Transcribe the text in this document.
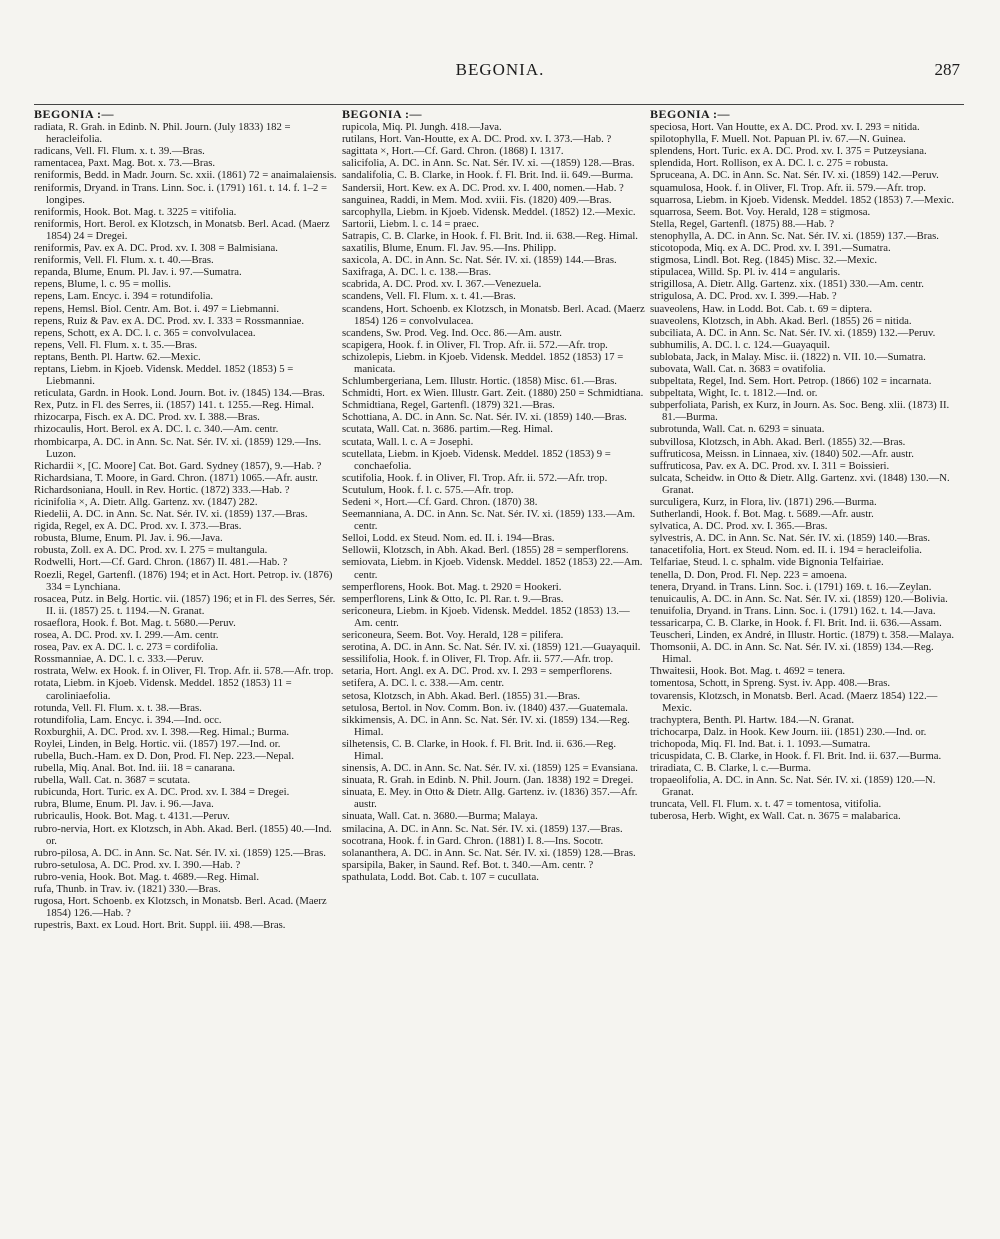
BEGONIA.	287
BEGONIA :—

radiata, R. Grah. in Edinb. N. Phil. Journ. (July 1833) 182 = heracleifolia.

radicans, Vell. Fl. Flum. x. t. 39.—Bras.

ramentacea, Paxt. Mag. Bot. x. 73.—Bras.

reniformis, Bedd. in Madr. Journ. Sc. xxii. (1861) 72 = anaimalaiensis.

reniformis, Dryand. in Trans. Linn. Soc. i. (1791) 161. t. 14. f. 1–2 = longipes.

reniformis, Hook. Bot. Mag. t. 3225 = vitifolia.

reniformis, Hort. Berol. ex Klotzsch, in Monatsb. Berl. Acad. (Maerz 1854) 24 = Dregei.

reniformis, Pav. ex A. DC. Prod. xv. I. 308 = Balmisiana.

reniformis, Vell. Fl. Flum. x. t. 40.—Bras.

repanda, Blume, Enum. Pl. Jav. i. 97.—Sumatra.

repens, Blume, l. c. 95 = mollis.

repens, Lam. Encyc. i. 394 = rotundifolia.

repens, Hemsl. Biol. Centr. Am. Bot. i. 497 = Liebmanni.

repens, Ruiz & Pav. ex A. DC. Prod. xv. I. 333 = Rossmanniae.

repens, Schott, ex A. DC. l. c. 365 = convolvulacea.

repens, Vell. Fl. Flum. x. t. 35.—Bras.

reptans, Benth. Pl. Hartw. 62.—Mexic.

reptans, Liebm. in Kjoeb. Vidensk. Meddel. 1852 (1853) 5 = Liebmanni.

reticulata, Gardn. in Hook. Lond. Journ. Bot. iv. (1845) 134.—Bras.

Rex, Putz. in Fl. des Serres, ii. (1857) 141. t. 1255.—Reg. Himal.

rhizocarpa, Fisch. ex A. DC. Prod. xv. I. 388.—Bras.

rhizocaulis, Hort. Berol. ex A. DC. l. c. 340.—Am. centr.

rhombicarpa, A. DC. in Ann. Sc. Nat. Sér. IV. xi. (1859) 129.—Ins. Luzon.

Richardii ×, [C. Moore] Cat. Bot. Gard. Sydney (1857), 9.—Hab. ?

Richardsiana, T. Moore, in Gard. Chron. (1871) 1065.—Afr. austr.

Richardsoniana, Houll. in Rev. Hortic. (1872) 333.—Hab. ?

ricinifolia ×, A. Dietr. Allg. Gartenz. xv. (1847) 282.

Riedelii, A. DC. in Ann. Sc. Nat. Sér. IV. xi. (1859) 137.—Bras.

rigida, Regel, ex A. DC. Prod. xv. I. 373.—Bras.

robusta, Blume, Enum. Pl. Jav. i. 96.—Java.

robusta, Zoll. ex A. DC. Prod. xv. I. 275 = multangula.

Rodwelli, Hort.—Cf. Gard. Chron. (1867) II. 481.—Hab. ?

Roezli, Regel, Gartenfl. (1876) 194; et in Act. Hort. Petrop. iv. (1876) 334 = Lynchiana.

rosacea, Putz. in Belg. Hortic. vii. (1857) 196; et in Fl. des Serres, Sér. II. ii. (1857) 25. t. 1194.—N. Granat.

rosaeflora, Hook. f. Bot. Mag. t. 5680.—Peruv.

rosea, A. DC. Prod. xv. I. 299.—Am. centr.

rosea, Pav. ex A. DC. l. c. 273 = cordifolia.

Rossmanniae, A. DC. l. c. 333.—Peruv.

rostrata, Welw. ex Hook. f. in Oliver, Fl. Trop. Afr. ii. 578.—Afr. trop.

rotata, Liebm. in Kjoeb. Vidensk. Meddel. 1852 (1853) 11 = caroliniaefolia.

rotunda, Vell. Fl. Flum. x. t. 38.—Bras.

rotundifolia, Lam. Encyc. i. 394.—Ind. occ.

Roxburghii, A. DC. Prod. xv. I. 398.—Reg. Himal.; Burma.

Roylei, Linden, in Belg. Hortic. vii. (1857) 197.—Ind. or.

rubella, Buch.-Ham. ex D. Don, Prod. Fl. Nep. 223.—Nepal.

rubella, Miq. Anal. Bot. Ind. iii. 18 = canarana.

rubella, Wall. Cat. n. 3687 = scutata.

rubicunda, Hort. Turic. ex A. DC. Prod. xv. I. 384 = Dregei.

rubra, Blume, Enum. Pl. Jav. i. 96.—Java.

rubricaulis, Hook. Bot. Mag. t. 4131.—Peruv.

rubro-nervia, Hort. ex Klotzsch, in Abh. Akad. Berl. (1855) 40.—Ind. or.

rubro-pilosa, A. DC. in Ann. Sc. Nat. Sér. IV. xi. (1859) 125.—Bras.

rubro-setulosa, A. DC. Prod. xv. I. 390.—Hab. ?

rubro-venia, Hook. Bot. Mag. t. 4689.—Reg. Himal.

rufa, Thunb. in Trav. iv. (1821) 330.—Bras.

rugosa, Hort. Schoenb. ex Klotzsch, in Monatsb. Berl. Acad. (Maerz 1854) 126.—Hab. ?

rupestris, Baxt. ex Loud. Hort. Brit. Suppl. iii. 498.—Bras.

BEGONIA :—

rupicola, Miq. Pl. Jungh. 418.—Java.

rutilans, Hort. Van-Houtte, ex A. DC. Prod. xv. I. 373.—Hab. ?

sagittata ×, Hort.—Cf. Gard. Chron. (1868) I. 1317.

salicifolia, A. DC. in Ann. Sc. Nat. Sér. IV. xi. —(1859) 128.—Bras.

sandalifolia, C. B. Clarke, in Hook. f. Fl. Brit. Ind. ii. 649.—Burma.

Sandersii, Hort. Kew. ex A. DC. Prod. xv. I. 400, nomen.—Hab. ?

sanguinea, Raddi, in Mem. Mod. xviii. Fis. (1820) 409.—Bras.

sarcophylla, Liebm. in Kjoeb. Vidensk. Meddel. (1852) 12.—Mexic.

Sartorii, Liebm. l. c. 14 = praec.

Satrapis, C. B. Clarke, in Hook. f. Fl. Brit. Ind. ii. 638.—Reg. Himal.

saxatilis, Blume, Enum. Fl. Jav. 95.—Ins. Philipp.

saxicola, A. DC. in Ann. Sc. Nat. Sér. IV. xi. (1859) 144.—Bras.

Saxifraga, A. DC. l. c. 138.—Bras.

scabrida, A. DC. Prod. xv. I. 367.—Venezuela.

scandens, Vell. Fl. Flum. x. t. 41.—Bras.

scandens, Hort. Schoenb. ex Klotzsch, in Monatsb. Berl. Acad. (Maerz 1854) 126 = convolvulacea.

scandens, Sw. Prod. Veg. Ind. Occ. 86.—Am. austr.

scapigera, Hook. f. in Oliver, Fl. Trop. Afr. ii. 572.—Afr. trop.

schizolepis, Liebm. in Kjoeb. Vidensk. Meddel. 1852 (1853) 17 = manicata.

Schlumbergeriana, Lem. Illustr. Hortic. (1858) Misc. 61.—Bras.

Schmidti, Hort. ex Wien. Illustr. Gart. Zeit. (1880) 250 = Schmidtiana.

Schmidtiana, Regel, Gartenfl. (1879) 321.—Bras.

Schottiana, A. DC. in Ann. Sc. Nat. Sér. IV. xi. (1859) 140.—Bras.

scutata, Wall. Cat. n. 3686. partim.—Reg. Himal.

scutata, Wall. l. c. A = Josephi.

scutellata, Liebm. in Kjoeb. Vidensk. Meddel. 1852 (1853) 9 = conchaefolia.

scutifolia, Hook. f. in Oliver, Fl. Trop. Afr. ii. 572.—Afr. trop.

Scutulum, Hook. f. l. c. 575.—Afr. trop.

Sedeni ×, Hort.—Cf. Gard. Chron. (1870) 38.

Seemanniana, A. DC. in Ann. Sc. Nat. Sér. IV. xi. (1859) 133.—Am. centr.

Selloi, Lodd. ex Steud. Nom. ed. II. i. 194—Bras.

Sellowii, Klotzsch, in Abh. Akad. Berl. (1855) 28 = semperflorens.

semiovata, Liebm. in Kjoeb. Vidensk. Meddel. 1852 (1853) 22.—Am. centr.

semperflorens, Hook. Bot. Mag. t. 2920 = Hookeri.

semperflorens, Link & Otto, Ic. Pl. Rar. t. 9.—Bras.

sericoneura, Liebm. in Kjoeb. Vidensk. Meddel. 1852 (1853) 13.—Am. centr.

sericoneura, Seem. Bot. Voy. Herald, 128 = pilifera.

serotina, A. DC. in Ann. Sc. Nat. Sér. IV. xi. (1859) 121.—Guayaquil.

sessilifolia, Hook. f. in Oliver, Fl. Trop. Afr. ii. 577.—Afr. trop.

setaria, Hort. Angl. ex A. DC. Prod. xv. I. 293 = semperflorens.

setifera, A. DC. l. c. 338.—Am. centr.

setosa, Klotzsch, in Abh. Akad. Berl. (1855) 31.—Bras.

setulosa, Bertol. in Nov. Comm. Bon. iv. (1840) 437.—Guatemala.

sikkimensis, A. DC. in Ann. Sc. Nat. Sér. IV. xi. (1859) 134.—Reg. Himal.

silhetensis, C. B. Clarke, in Hook. f. Fl. Brit. Ind. ii. 636.—Reg. Himal.

sinensis, A. DC. in Ann. Sc. Nat. Sér. IV. xi. (1859) 125 = Evansiana.

sinuata, R. Grah. in Edinb. N. Phil. Journ. (Jan. 1838) 192 = Dregei.

sinuata, E. Mey. in Otto & Dietr. Allg. Gartenz. iv. (1836) 357.—Afr. austr.

sinuata, Wall. Cat. n. 3680.—Burma; Malaya.

smilacina, A. DC. in Ann. Sc. Nat. Sér. IV. xi. (1859) 137.—Bras.

socotrana, Hook. f. in Gard. Chron. (1881) I. 8.—Ins. Socotr.

solananthera, A. DC. in Ann. Sc. Nat. Sér. IV. xi. (1859) 128.—Bras.

sparsipila, Baker, in Saund. Ref. Bot. t. 340.—Am. centr. ?

spathulata, Lodd. Bot. Cab. t. 107 = cucullata.

BEGONIA :—

speciosa, Hort. Van Houtte, ex A. DC. Prod. xv. I. 293 = nitida.

spilotophylla, F. Muell. Not. Papuan Pl. iv. 67.—N. Guinea.

splendens, Hort. Turic. ex A. DC. Prod. xv. I. 375 = Putzeysiana.

splendida, Hort. Rollison, ex A. DC. l. c. 275 = robusta.

Spruceana, A. DC. in Ann. Sc. Nat. Sér. IV. xi. (1859) 142.—Peruv.

squamulosa, Hook. f. in Oliver, Fl. Trop. Afr. ii. 579.—Afr. trop.

squarrosa, Liebm. in Kjoeb. Vidensk. Meddel. 1852 (1853) 7.—Mexic.

squarrosa, Seem. Bot. Voy. Herald, 128 = stigmosa.

Stella, Regel, Gartenfl. (1875) 88.—Hab. ?

stenophylla, A. DC. in Ann. Sc. Nat. Sér. IV. xi. (1859) 137.—Bras.

sticotopoda, Miq. ex A. DC. Prod. xv. I. 391.—Sumatra.

stigmosa, Lindl. Bot. Reg. (1845) Misc. 32.—Mexic.

stipulacea, Willd. Sp. Pl. iv. 414 = angularis.

strigillosa, A. Dietr. Allg. Gartenz. xix. (1851) 330.—Am. centr.

strigulosa, A. DC. Prod. xv. I. 399.—Hab. ?

suaveolens, Haw. in Lodd. Bot. Cab. t. 69 = diptera.

suaveolens, Klotzsch, in Abh. Akad. Berl. (1855) 26 = nitida.

subciliata, A. DC. in Ann. Sc. Nat. Sér. IV. xi. (1859) 132.—Peruv.

subhumilis, A. DC. l. c. 124.—Guayaquil.

sublobata, Jack, in Malay. Misc. ii. (1822) n. VII. 10.—Sumatra.

subovata, Wall. Cat. n. 3683 = ovatifolia.

subpeltata, Regel, Ind. Sem. Hort. Petrop. (1866) 102 = incarnata.

subpeltata, Wight, Ic. t. 1812.—Ind. or.

subperfoliata, Parish, ex Kurz, in Journ. As. Soc. Beng. xlii. (1873) II. 81.—Burma.

subrotunda, Wall. Cat. n. 6293 = sinuata.

subvillosa, Klotzsch, in Abh. Akad. Berl. (1855) 32.—Bras.

suffruticosa, Meissn. in Linnaea, xiv. (1840) 502.—Afr. austr.

suffruticosa, Pav. ex A. DC. Prod. xv. I. 311 = Boissieri.

sulcata, Scheidw. in Otto & Dietr. Allg. Gartenz. xvi. (1848) 130.—N. Granat.

surculigera, Kurz, in Flora, liv. (1871) 296.—Burma.

Sutherlandi, Hook. f. Bot. Mag. t. 5689.—Afr. austr.

sylvatica, A. DC. Prod. xv. I. 365.—Bras.

sylvestris, A. DC. in Ann. Sc. Nat. Sér. IV. xi. (1859) 140.—Bras.

tanacetifolia, Hort. ex Steud. Nom. ed. II. i. 194 = heracleifolia.

Telfariae, Steud. l. c. sphalm. vide Bignonia Telfairiae.

tenella, D. Don, Prod. Fl. Nep. 223 = amoena.

tenera, Dryand. in Trans. Linn. Soc. i. (1791) 169. t. 16.—Zeylan.

tenuicaulis, A. DC. in Ann. Sc. Nat. Sér. IV. xi. (1859) 120.—Bolivia.

tenuifolia, Dryand. in Trans. Linn. Soc. i. (1791) 162. t. 14.—Java.

tessaricarpa, C. B. Clarke, in Hook. f. Fl. Brit. Ind. ii. 636.—Assam.

Teuscheri, Linden, ex André, in Illustr. Hortic. (1879) t. 358.—Malaya.

Thomsonii, A. DC. in Ann. Sc. Nat. Sér. IV. xi. (1859) 134.—Reg. Himal.

Thwaitesii, Hook. Bot. Mag. t. 4692 = tenera.

tomentosa, Schott, in Spreng. Syst. iv. App. 408.—Bras.

tovarensis, Klotzsch, in Monatsb. Berl. Acad. (Maerz 1854) 122.—Mexic.

trachyptera, Benth. Pl. Hartw. 184.—N. Granat.

trichocarpa, Dalz. in Hook. Kew Journ. iii. (1851) 230.—Ind. or.

trichopoda, Miq. Fl. Ind. Bat. i. 1. 1093.—Sumatra.

tricuspidata, C. B. Clarke, in Hook. f. Fl. Brit. Ind. ii. 637.—Burma.

triradiata, C. B. Clarke, l. c.—Burma.

tropaeolifolia, A. DC. in Ann. Sc. Nat. Sér. IV. xi. (1859) 120.—N. Granat.

truncata, Vell. Fl. Flum. x. t. 47 = tomentosa, vitifolia.

tuberosa, Herb. Wight, ex Wall. Cat. n. 3675 = malabarica.
